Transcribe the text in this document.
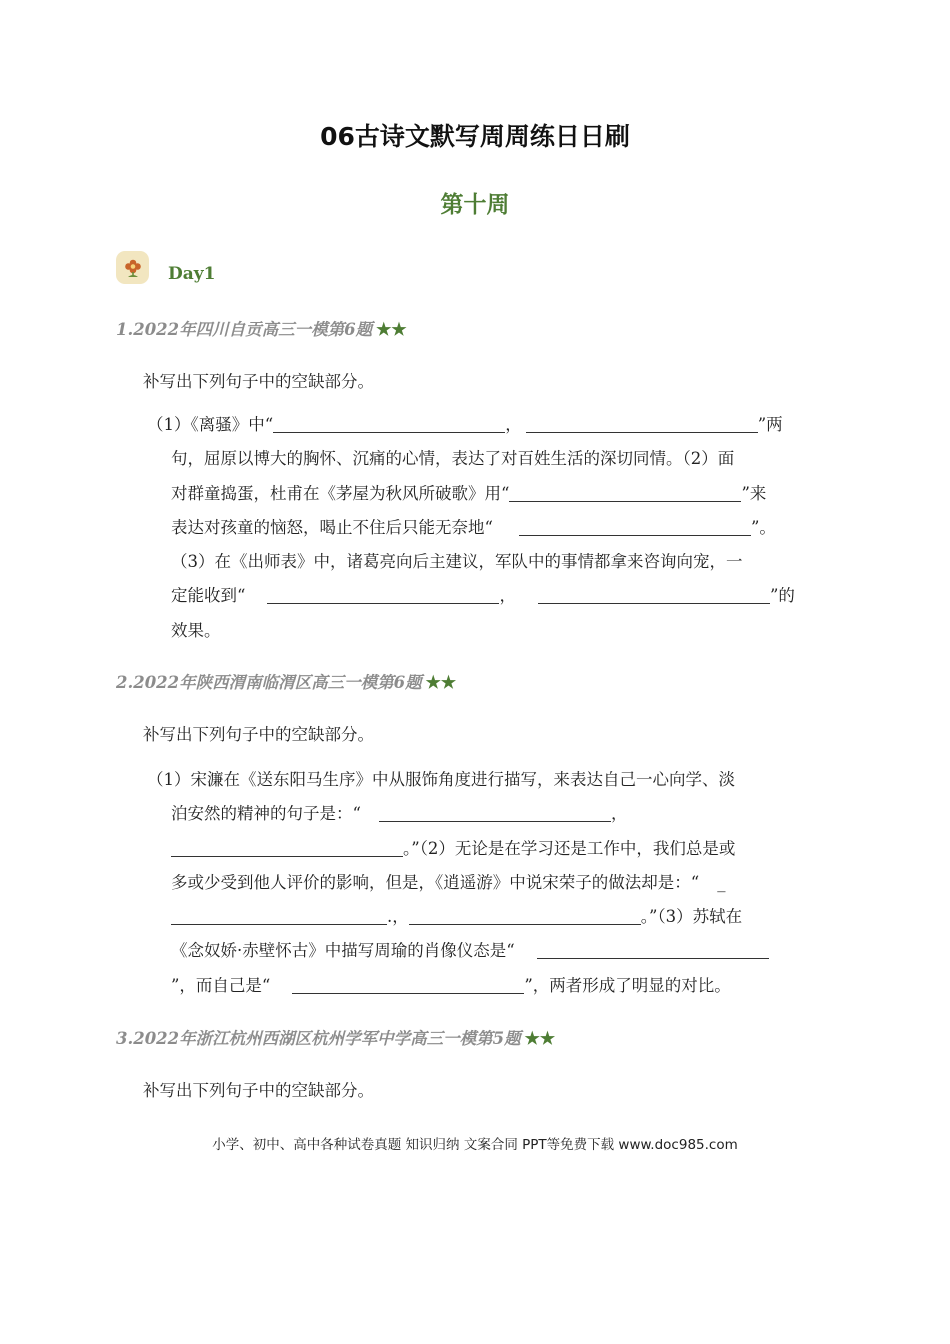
06古诗文默写周周练日日刷
第十周
Day1
1.2022年四川自贡高三一模第6题 ★★
补写出下列句子中的空缺部分。
（1）《离骚》中“	，	”两
句，屈原以博大的胸怀、沉痛的心情，表达了对百姓生活的深切同情。（2）面
对群童捣蛋，杜甫在《茅屋为秋风所破歌》用“	”来
表达对孩童的恼怒，喝止不住后只能无奈地“	”。
（3）在《出师表》中，诸葛亮向后主建议，军队中的事情都拿来咨询向宠，一
定能收到“	，	”的
效果。
2.2022年陕西渭南临渭区高三一模第6题 ★★
补写出下列句子中的空缺部分。
（1）宋濂在《送东阳马生序》中从服饰角度进行描写，来表达自己一心向学、淡
泊安然的精神的句子是：“	，
。”（2）无论是在学习还是工作中，我们总是或
多或少受到他人评价的影响，但是，《逍遥游》中说宋荣子的做法却是：“ _
.，	。”（3）苏轼在
《念奴娇·赤壁怀古》中描写周瑜的肖像仪态是“
”，而自己是“	”，两者形成了明显的对比。
3.2022年浙江杭州西湖区杭州学军中学高三一模第5题 ★★
补写出下列句子中的空缺部分。
小学、初中、高中各种试卷真题 知识归纳 文案合同 PPT等免费下载 www.doc985.com
